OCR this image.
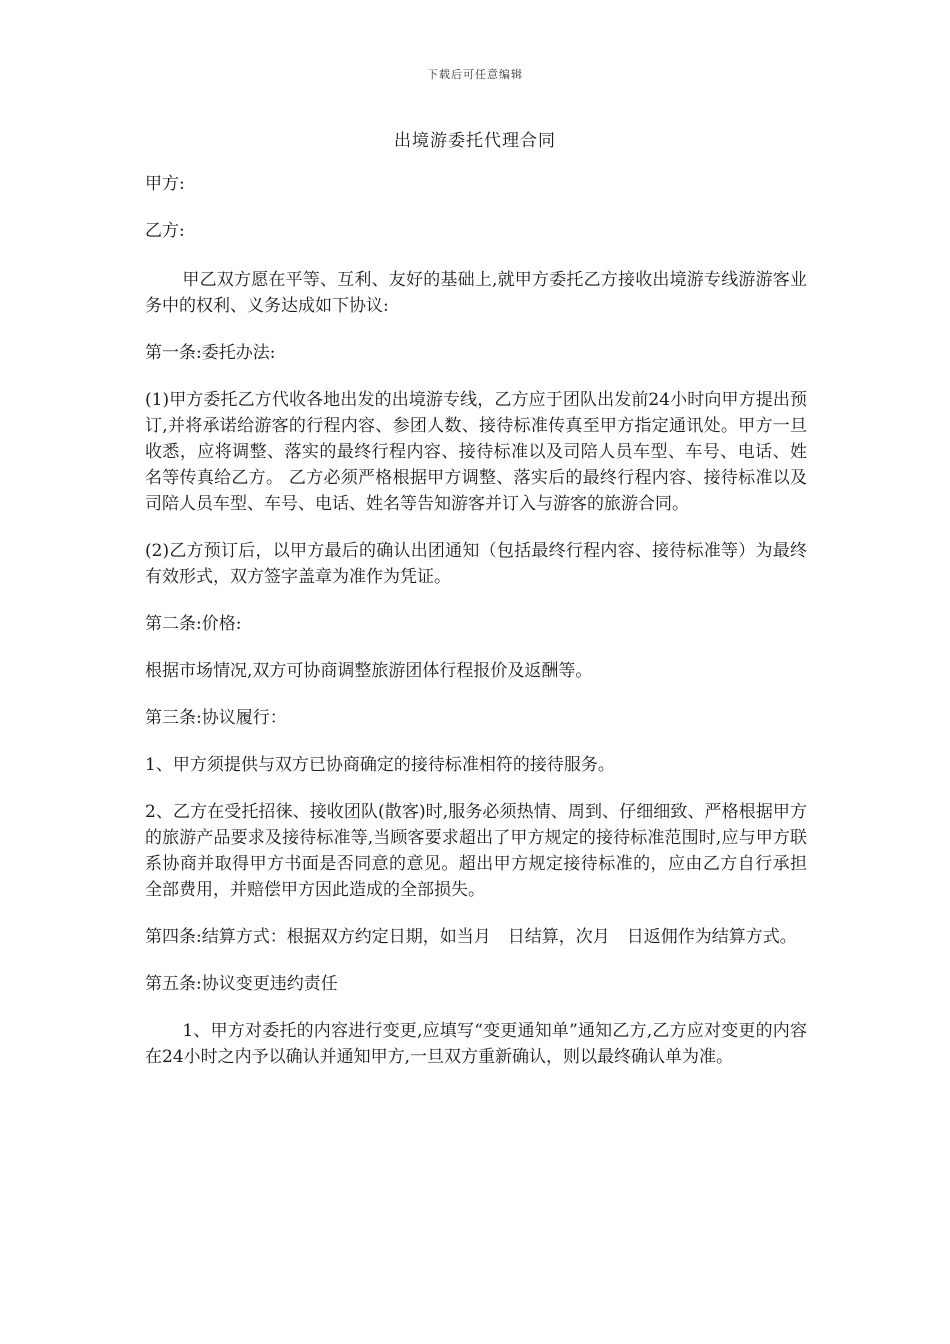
下载后可任意编辑
出境游委托代理合同

甲方:

乙方:

甲乙双方愿在平等、互利、友好的基础上,就甲方委托乙方接收出境游专线游游客业务中的权利、义务达成如下协议:

第一条:委托办法:

(1)甲方委托乙方代收各地出发的出境游专线，乙方应于团队出发前24小时向甲方提出预订,并将承诺给游客的行程内容、参团人数、接待标准传真至甲方指定通讯处。甲方一旦收悉，应将调整、落实的最终行程内容、接待标准以及司陪人员车型、车号、电话、姓名等传真给乙方。 乙方必须严格根据甲方调整、落实后的最终行程内容、接待标准以及司陪人员车型、车号、电话、姓名等告知游客并订入与游客的旅游合同。

(2)乙方预订后，以甲方最后的确认出团通知（包括最终行程内容、接待标准等）为最终有效形式，双方签字盖章为准作为凭证。

第二条:价格:

根据市场情况,双方可协商调整旅游团体行程报价及返酬等。

第三条:协议履行：

1、甲方须提供与双方已协商确定的接待标准相符的接待服务。

2、乙方在受托招徕、接收团队(散客)时,服务必须热情、周到、仔细细致、严格根据甲方的旅游产品要求及接待标准等,当顾客要求超出了甲方规定的接待标准范围时,应与甲方联系协商并取得甲方书面是否同意的意见。超出甲方规定接待标准的，应由乙方自行承担全部费用，并赔偿甲方因此造成的全部损失。

第四条:结算方式：根据双方约定日期，如当月　日结算，次月　日返佣作为结算方式。

第五条:协议变更违约责任

1、甲方对委托的内容进行变更,应填写“变更通知单”通知乙方,乙方应对变更的内容在24小时之内予以确认并通知甲方,一旦双方重新确认，则以最终确认单为准。
